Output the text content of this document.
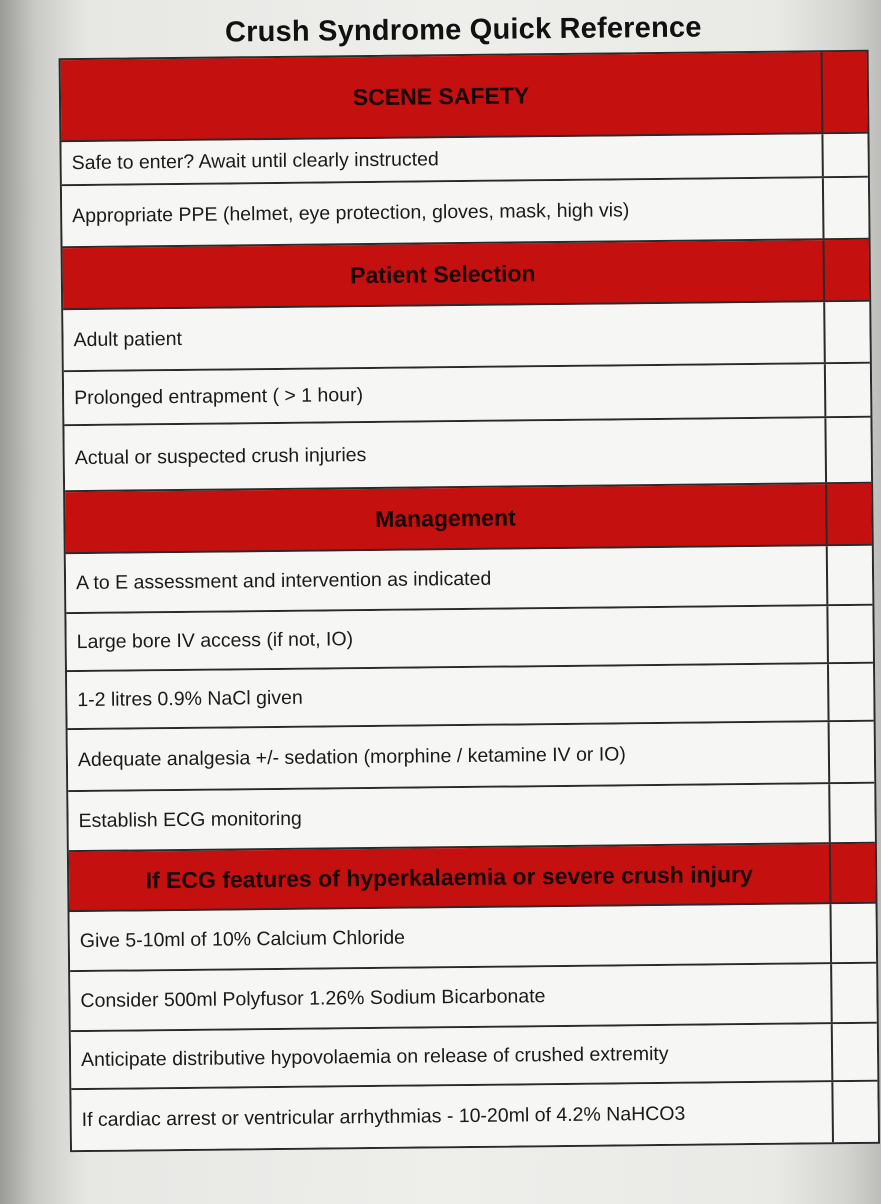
Crush Syndrome Quick Reference
SCENE SAFETY
Safe to enter? Await until clearly instructed
Appropriate PPE (helmet, eye protection, gloves, mask, high vis)
Patient Selection
Adult patient
Prolonged entrapment ( > 1 hour)
Actual or suspected crush injuries
Management
A to E assessment and intervention as indicated
Large bore IV access (if not, IO)
1-2 litres 0.9% NaCl given
Adequate analgesia +/- sedation (morphine / ketamine IV or IO)
Establish ECG monitoring
If ECG features of hyperkalaemia or severe crush injury
Give 5-10ml of 10% Calcium Chloride
Consider 500ml Polyfusor 1.26% Sodium Bicarbonate
Anticipate distributive hypovolaemia on release of crushed extremity
If cardiac arrest or ventricular arrhythmias - 10-20ml of 4.2% NaHCO3
